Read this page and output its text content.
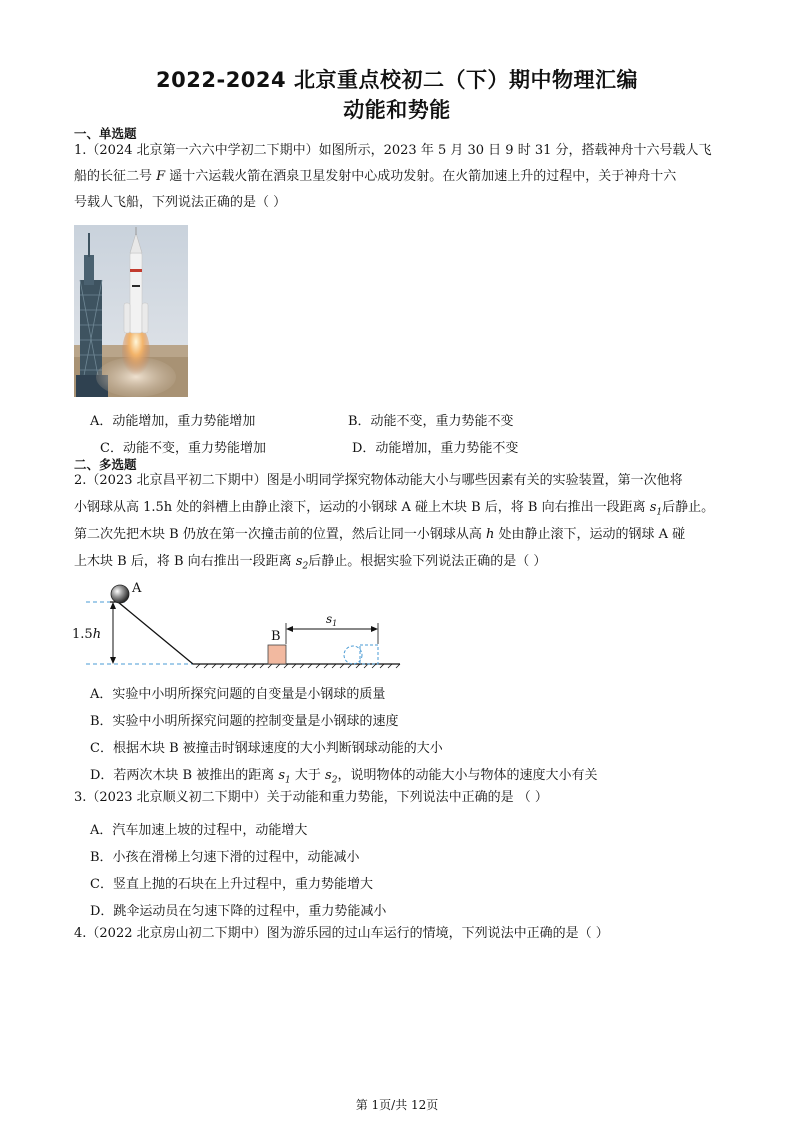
2022-2024 北京重点校初二（下）期中物理汇编
动能和势能
一、单选题
1.（2024 北京第一六六中学初二下期中）如图所示，2023 年 5 月 30 日 9 时 31 分，搭载神舟十六号载人飞
船的长征二号 F 遥十六运载火箭在酒泉卫星发射中心成功发射。在火箭加速上升的过程中，关于神舟十六
号载人飞船，下列说法正确的是（ ）
A．动能增加，重力势能增加	B．动能不变，重力势能不变
C．动能不变，重力势能增加	D．动能增加，重力势能不变
二、多选题
2.（2023 北京昌平初二下期中）图是小明同学探究物体动能大小与哪些因素有关的实验装置，第一次他将
小钢球从高 1.5h 处的斜槽上由静止滚下，运动的小钢球 A 碰上木块 B 后，将 B 向右推出一段距离 $s_1$后静止。
第二次先把木块 B 仍放在第一次撞击前的位置，然后让同一小钢球从高 h 处由静止滚下，运动的钢球 A 碰
上木块 B 后，将 B 向右推出一段距离 $s_2$后静止。根据实验下列说法正确的是（ ）
A
B
1.5h
$s_1$
A．实验中小明所探究问题的自变量是小钢球的质量
B．实验中小明所探究问题的控制变量是小钢球的速度
C．根据木块 B 被撞击时钢球速度的大小判断钢球动能的大小
D．若两次木块 B 被推出的距离 $s_1$ 大于 $s_2$，说明物体的动能大小与物体的速度大小有关
3.（2023 北京顺义初二下期中）关于动能和重力势能，下列说法中正确的是 （ ）
A．汽车加速上坡的过程中，动能增大
B．小孩在滑梯上匀速下滑的过程中，动能减小
C．竖直上抛的石块在上升过程中，重力势能增大
D．跳伞运动员在匀速下降的过程中，重力势能减小
4.（2022 北京房山初二下期中）图为游乐园的过山车运行的情境，下列说法中正确的是（ ）
第 1页/共 12页
